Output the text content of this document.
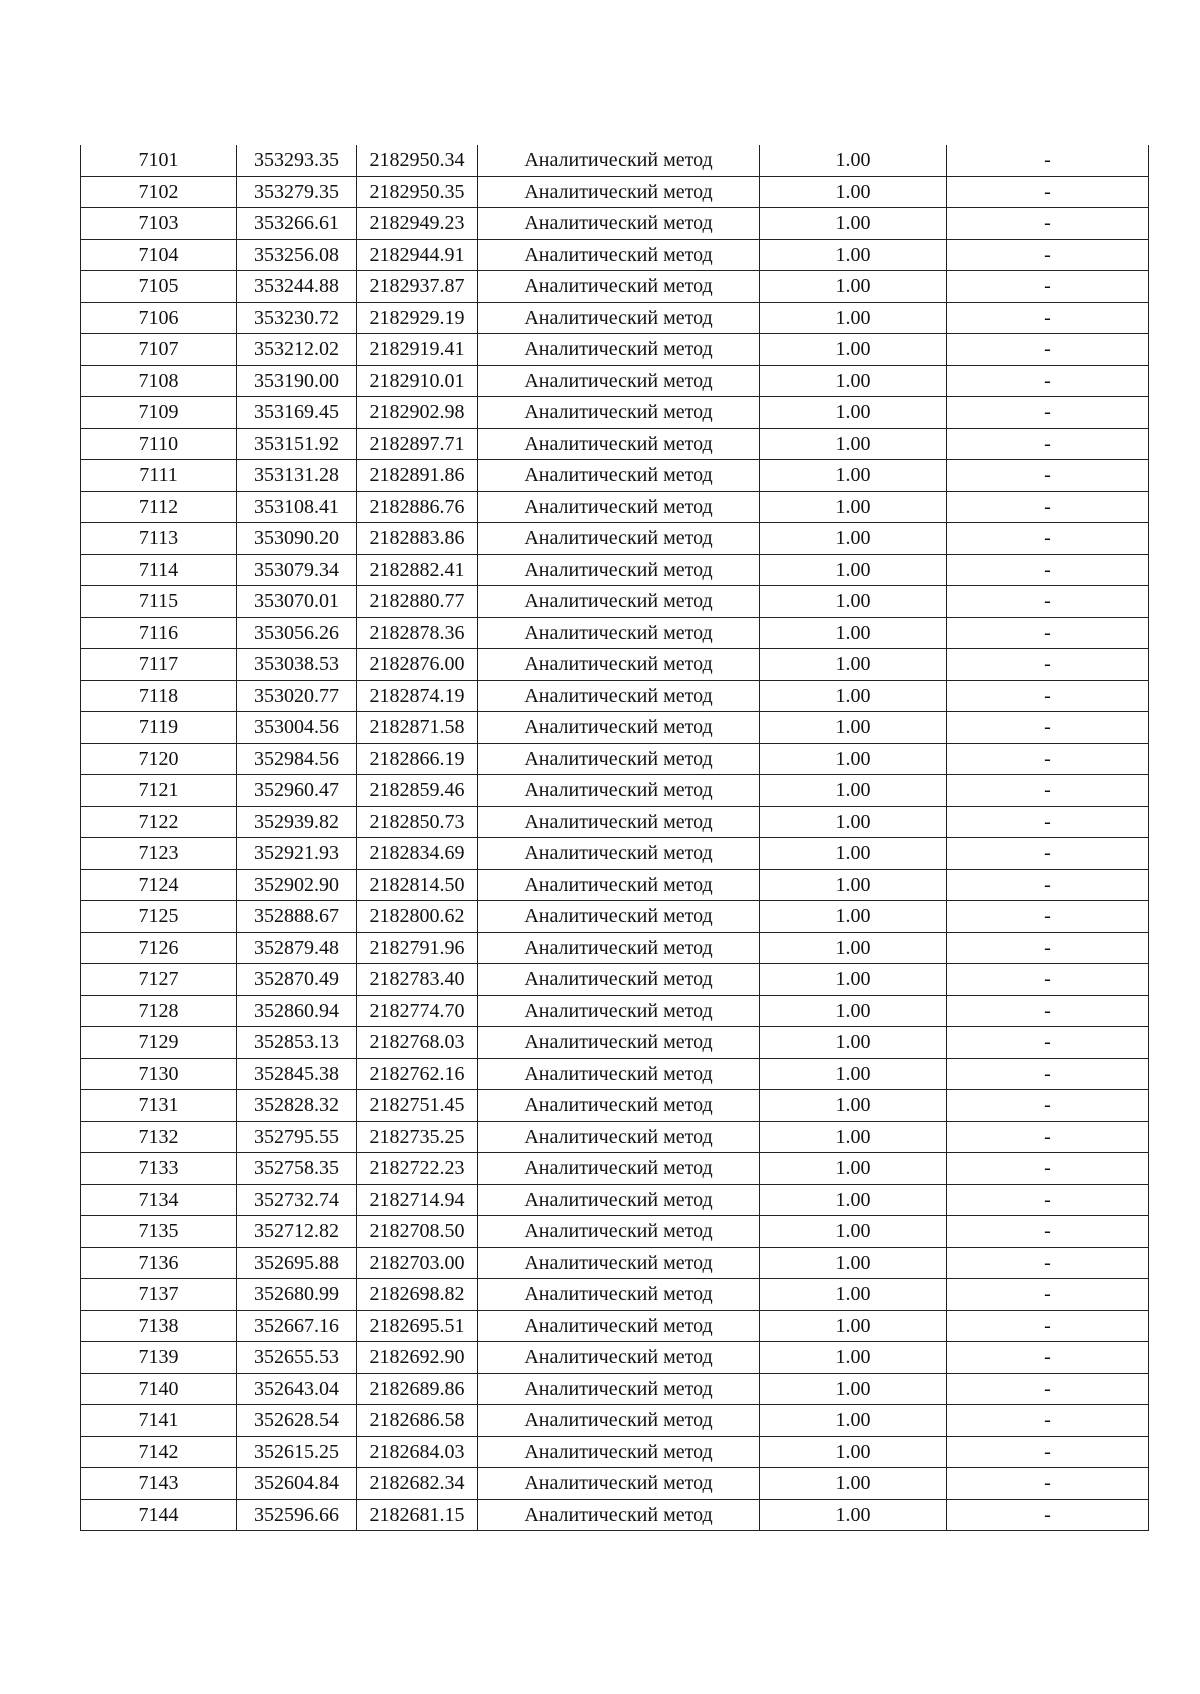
7101	353293.35	2182950.34	Аналитический метод	1.00	-
7102	353279.35	2182950.35	Аналитический метод	1.00	-
7103	353266.61	2182949.23	Аналитический метод	1.00	-
7104	353256.08	2182944.91	Аналитический метод	1.00	-
7105	353244.88	2182937.87	Аналитический метод	1.00	-
7106	353230.72	2182929.19	Аналитический метод	1.00	-
7107	353212.02	2182919.41	Аналитический метод	1.00	-
7108	353190.00	2182910.01	Аналитический метод	1.00	-
7109	353169.45	2182902.98	Аналитический метод	1.00	-
7110	353151.92	2182897.71	Аналитический метод	1.00	-
7111	353131.28	2182891.86	Аналитический метод	1.00	-
7112	353108.41	2182886.76	Аналитический метод	1.00	-
7113	353090.20	2182883.86	Аналитический метод	1.00	-
7114	353079.34	2182882.41	Аналитический метод	1.00	-
7115	353070.01	2182880.77	Аналитический метод	1.00	-
7116	353056.26	2182878.36	Аналитический метод	1.00	-
7117	353038.53	2182876.00	Аналитический метод	1.00	-
7118	353020.77	2182874.19	Аналитический метод	1.00	-
7119	353004.56	2182871.58	Аналитический метод	1.00	-
7120	352984.56	2182866.19	Аналитический метод	1.00	-
7121	352960.47	2182859.46	Аналитический метод	1.00	-
7122	352939.82	2182850.73	Аналитический метод	1.00	-
7123	352921.93	2182834.69	Аналитический метод	1.00	-
7124	352902.90	2182814.50	Аналитический метод	1.00	-
7125	352888.67	2182800.62	Аналитический метод	1.00	-
7126	352879.48	2182791.96	Аналитический метод	1.00	-
7127	352870.49	2182783.40	Аналитический метод	1.00	-
7128	352860.94	2182774.70	Аналитический метод	1.00	-
7129	352853.13	2182768.03	Аналитический метод	1.00	-
7130	352845.38	2182762.16	Аналитический метод	1.00	-
7131	352828.32	2182751.45	Аналитический метод	1.00	-
7132	352795.55	2182735.25	Аналитический метод	1.00	-
7133	352758.35	2182722.23	Аналитический метод	1.00	-
7134	352732.74	2182714.94	Аналитический метод	1.00	-
7135	352712.82	2182708.50	Аналитический метод	1.00	-
7136	352695.88	2182703.00	Аналитический метод	1.00	-
7137	352680.99	2182698.82	Аналитический метод	1.00	-
7138	352667.16	2182695.51	Аналитический метод	1.00	-
7139	352655.53	2182692.90	Аналитический метод	1.00	-
7140	352643.04	2182689.86	Аналитический метод	1.00	-
7141	352628.54	2182686.58	Аналитический метод	1.00	-
7142	352615.25	2182684.03	Аналитический метод	1.00	-
7143	352604.84	2182682.34	Аналитический метод	1.00	-
7144	352596.66	2182681.15	Аналитический метод	1.00	-
